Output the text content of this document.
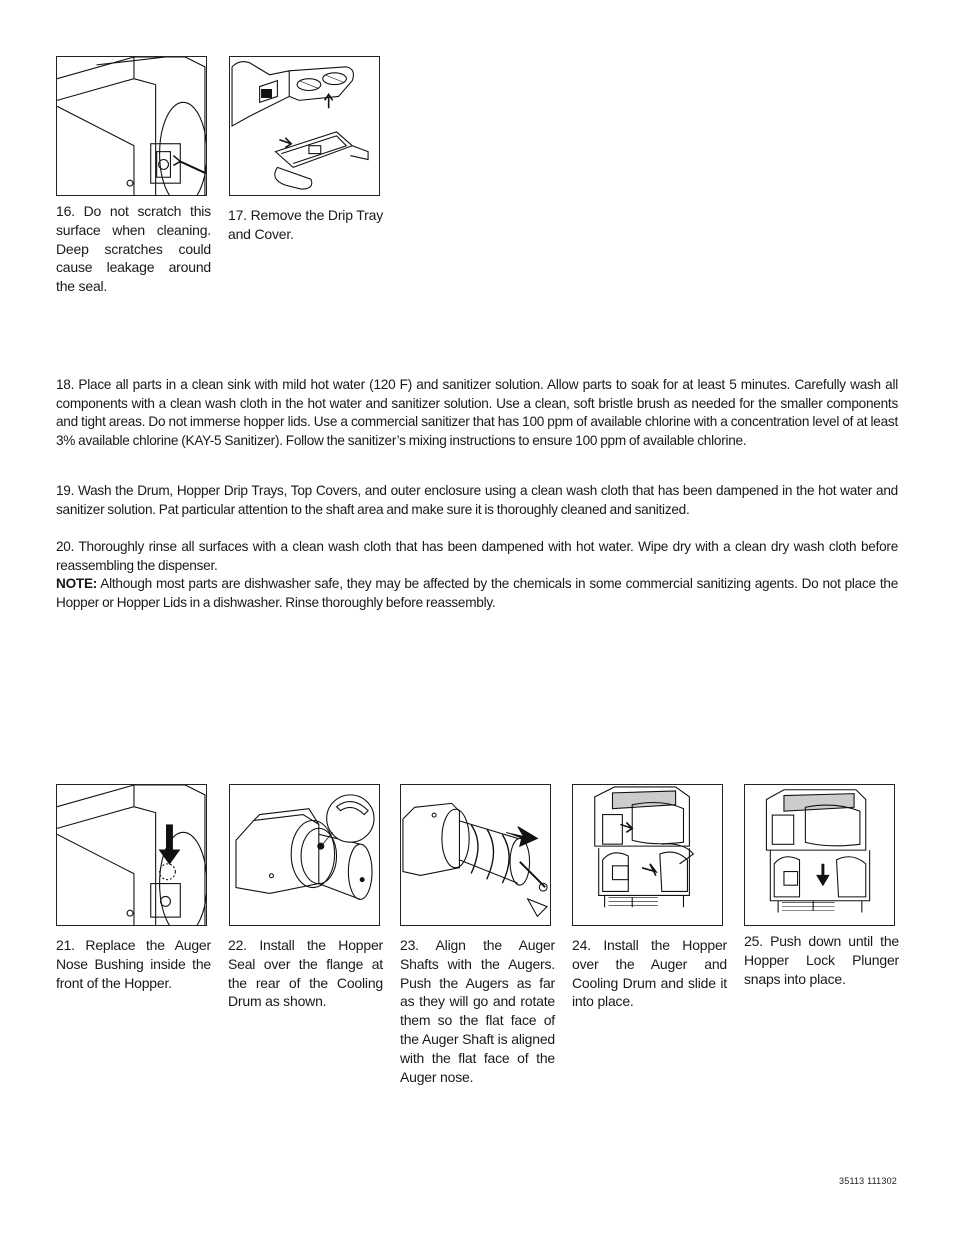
16. Do not scratch this surface when cleaning. Deep scratches could cause leakage around the seal.
17. Remove the Drip Tray and Cover.
18. Place all parts in a clean sink with mild hot water (120 F) and sanitizer solution. Allow parts to soak for at least 5 minutes. Carefully wash all components with a clean wash cloth in the hot water and sanitizer solution. Use a clean, soft bristle brush as needed for the smaller components and tight areas. Do not immerse hopper lids. Use a commercial sanitizer that has 100 ppm of available chlorine with a concentration level of at least 3% available chlorine (KAY-5 Sanitizer). Follow the sanitizer’s mixing instructions to ensure 100 ppm of available chlorine.
19. Wash the Drum, Hopper Drip Trays, Top Covers, and outer enclosure using a clean wash cloth that has been dampened in the hot water and sanitizer solution. Pat particular attention to the shaft area and make sure it is thoroughly cleaned and sanitized.
20. Thoroughly rinse all surfaces with a clean wash cloth that has been dampened with hot water. Wipe dry with a clean dry wash cloth before reassembling the dispenser.
NOTE: Although most parts are dishwasher safe, they may be affected by the chemicals in some commercial sanitizing agents. Do not place the Hopper or Hopper Lids in a dishwasher. Rinse thoroughly before reassembly.
21. Replace the Auger Nose Bushing inside the front of the Hopper.
22. Install the Hopper Seal over the flange at the rear of the Cooling Drum as shown.
23. Align the Auger Shafts with the Augers. Push the Augers as far as they will go and rotate them so the flat face of the Auger Shaft is aligned with the flat face of the Auger nose.
24. Install the Hopper over the Auger and Cooling Drum and slide it into place.
25. Push down until the Hopper Lock Plunger snaps into place.
35113 111302
